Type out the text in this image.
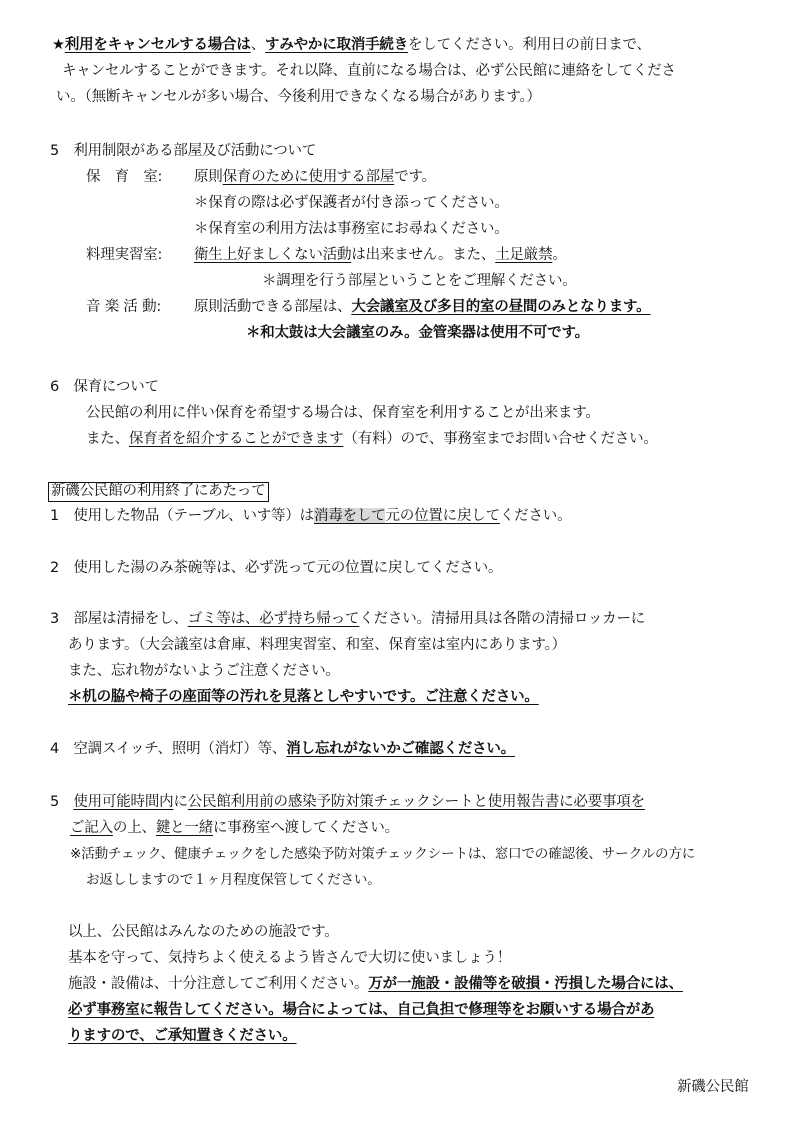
★利用をキャンセルする場合は、すみやかに取消手続きをしてください。利用日の前日まで、
キャンセルすることができます。それ以降、直前になる場合は、必ず公民館に連絡をしてくださ
い。（無断キャンセルが多い場合、今後利用できなくなる場合があります。）
5　利用制限がある部屋及び活動について
保　育　室: 原則保育のために使用する部屋です。
＊保育の際は必ず保護者が付き添ってください。
＊保育室の利用方法は事務室にお尋ねください。
料理実習室: 衛生上好ましくない活動は出来ません。また、土足厳禁。
＊調理を行う部屋ということをご理解ください。
音 楽 活 動: 原則活動できる部屋は、大会議室及び多目的室の昼間のみとなります。
＊和太鼓は大会議室のみ。金管楽器は使用不可です。
6　保育について
公民館の利用に伴い保育を希望する場合は、保育室を利用することが出来ます。
また、保育者を紹介することができます（有料）ので、事務室までお問い合せください。
新磯公民館の利用終了にあたって
1　使用した物品（テーブル、いす等）は消毒をして元の位置に戻してください。
2　使用した湯のみ茶碗等は、必ず洗って元の位置に戻してください。
3　部屋は清掃をし、ゴミ等は、必ず持ち帰ってください。清掃用具は各階の清掃ロッカーに
あります。（大会議室は倉庫、料理実習室、和室、保育室は室内にあります。）
また、忘れ物がないようご注意ください。
＊机の脇や椅子の座面等の汚れを見落としやすいです。ご注意ください。
4　空調スイッチ、照明（消灯）等、消し忘れがないかご確認ください。
5　使用可能時間内に公民館利用前の感染予防対策チェックシートと使用報告書に必要事項を
ご記入の上、鍵と一緒に事務室へ渡してください。
※活動チェック、健康チェックをした感染予防対策チェックシートは、窓口での確認後、サークルの方に
お返ししますので１ヶ月程度保管してください。
以上、公民館はみんなのための施設です。
基本を守って、気持ちよく使えるよう皆さんで大切に使いましょう！
施設・設備は、十分注意してご利用ください。万が一施設・設備等を破損・汚損した場合には、
必ず事務室に報告してください。場合によっては、自己負担で修理等をお願いする場合があ
りますので、ご承知置きください。
新磯公民館
